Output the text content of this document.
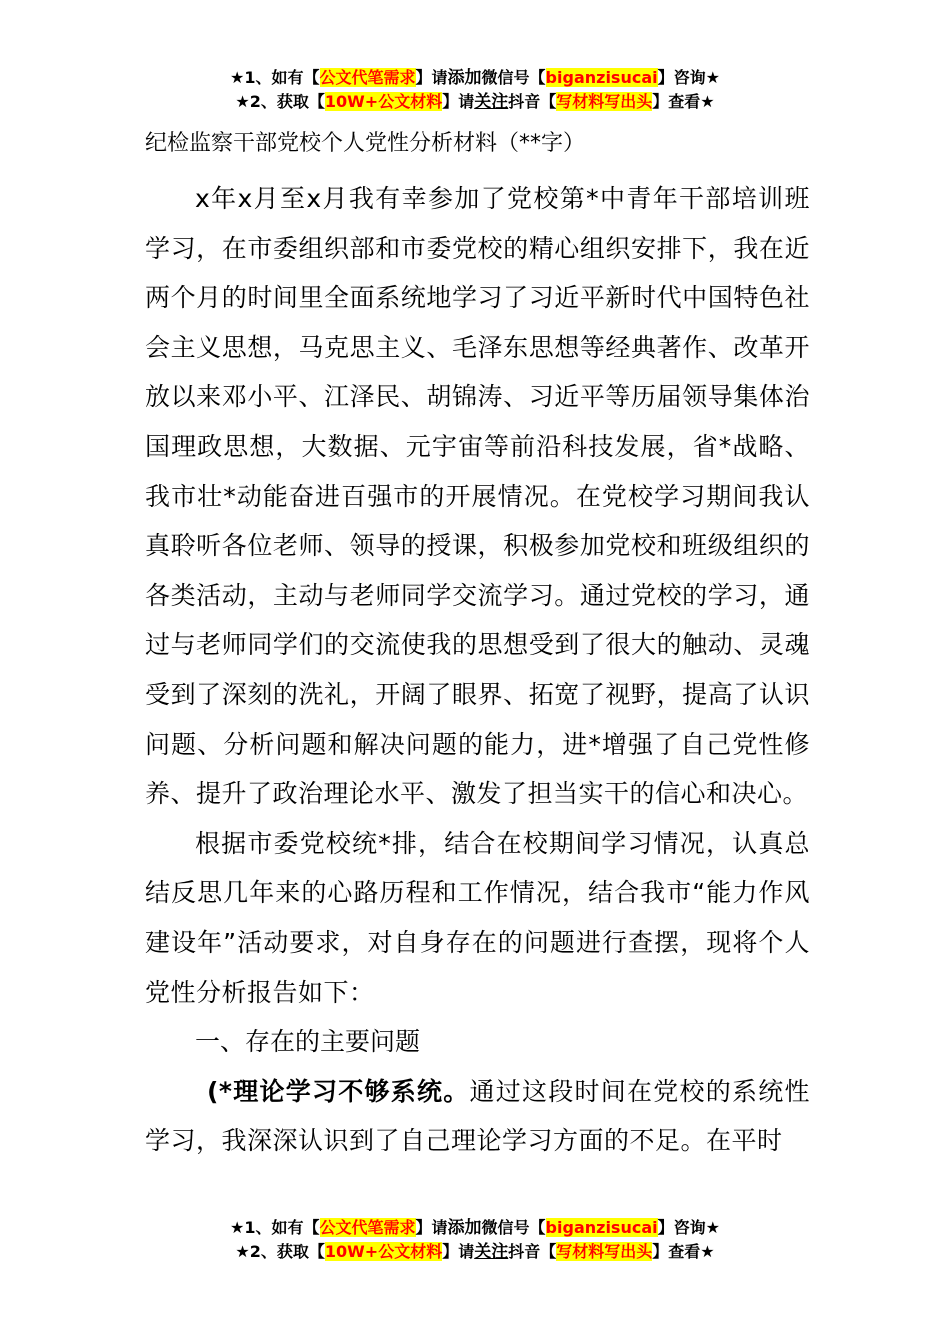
★1、如有【公文代笔需求】请添加微信号【biganzisucai】咨询★
★2、获取【10W+公文材料】请关注抖音【写材料写出头】查看★
纪检监察干部党校个人党性分析材料（**字）

x年x月至x月我有幸参加了党校第*中青年干部培训班学习，在市委组织部和市委党校的精心组织安排下，我在近两个月的时间里全面系统地学习了习近平新时代中国特色社会主义思想，马克思主义、毛泽东思想等经典著作、改革开放以来邓小平、江泽民、胡锦涛、习近平等历届领导集体治国理政思想，大数据、元宇宙等前沿科技发展，省*战略、我市壮*动能奋进百强市的开展情况。在党校学习期间我认真聆听各位老师、领导的授课，积极参加党校和班级组织的各类活动，主动与老师同学交流学习。通过党校的学习，通过与老师同学们的交流使我的思想受到了很大的触动、灵魂受到了深刻的洗礼，开阔了眼界、拓宽了视野，提高了认识问题、分析问题和解决问题的能力，进*增强了自己党性修养、提升了政治理论水平、激发了担当实干的信心和决心。

根据市委党校统*排，结合在校期间学习情况，认真总结反思几年来的心路历程和工作情况，结合我市“能力作风建设年”活动要求，对自身存在的问题进行查摆，现将个人党性分析报告如下：

一、存在的主要问题

(*理论学习不够系统。通过这段时间在党校的系统性学习，我深深认识到了自己理论学习方面的不足。在平时

★1、如有【公文代笔需求】请添加微信号【biganzisucai】咨询★
★2、获取【10W+公文材料】请关注抖音【写材料写出头】查看★
